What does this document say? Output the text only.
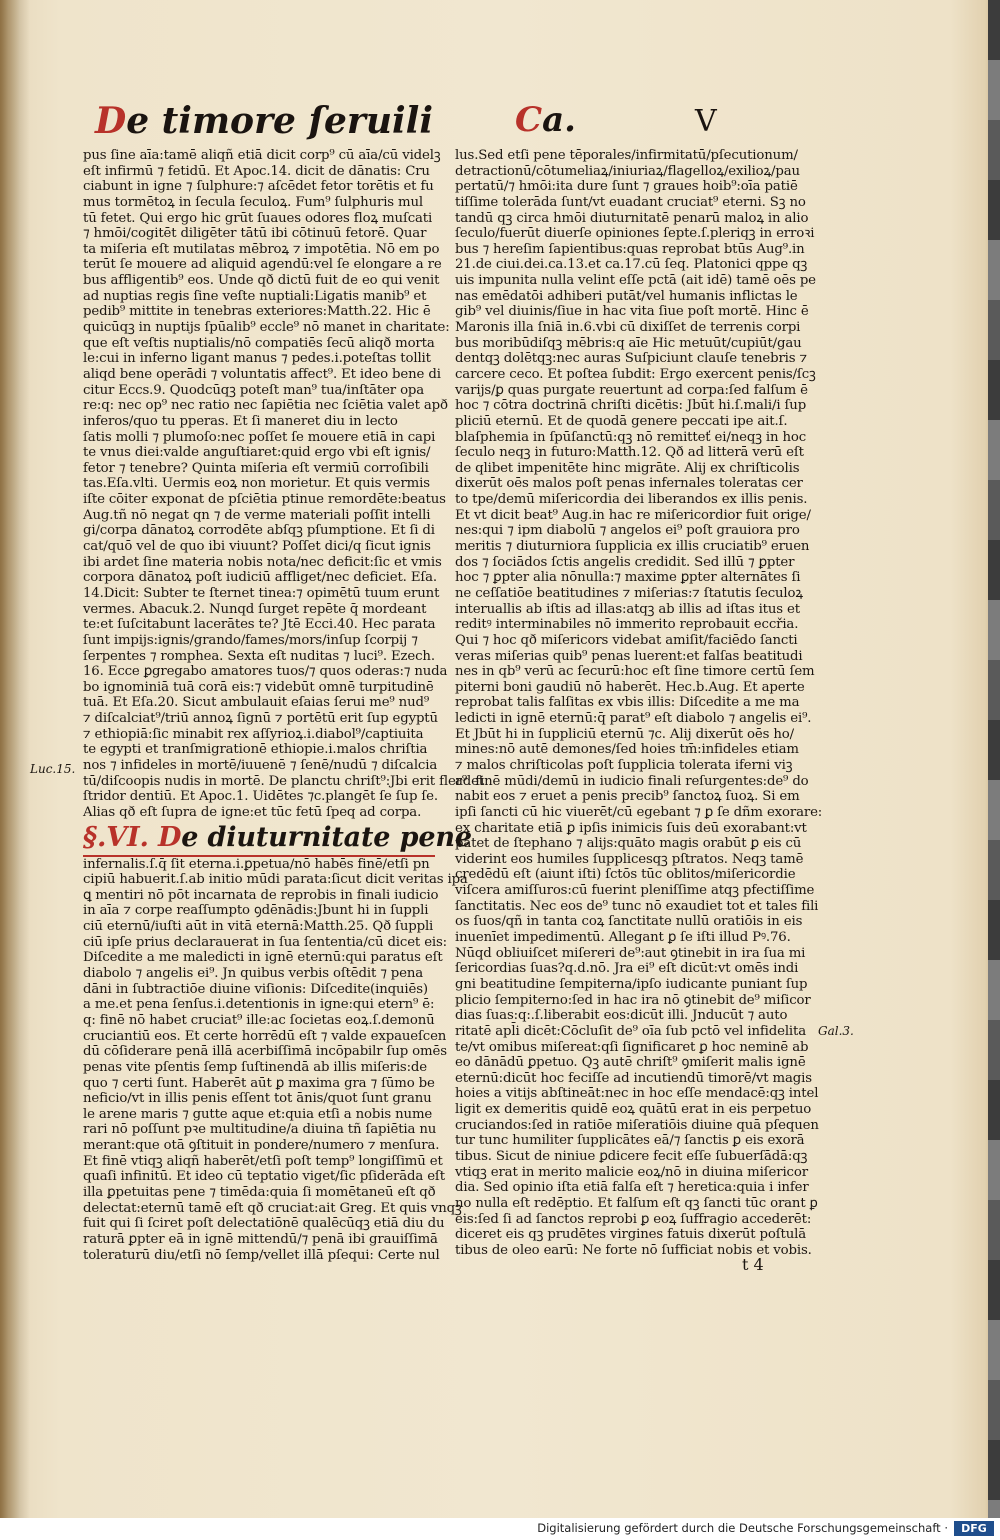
De timore ſeruili Ca.	V
pus ſine aīa:tamē aliqñ etiā dicit corp⁹ cū aīa/cū videlꝫ
eſt infirmū ⁊ fetidū. Et Apoc.14. dicit de dānatis: Cru
ciabunt in igne ⁊ ſulphure:⁊ aſcēdet fetor torētis et fu
mus tormētoꝝ in ſecula ſeculoꝝ. Fum⁹ ſulphuris mul
tū fetet. Qui ergo hic grūt ſuaues odores floꝝ muſcati
⁊ hmōi/cogitēt diligēter tātū ibi cōtinuū fetorē. Quar
ta miſeria eſt mutilatas mēbroꝝ ⁊ impotētia. Nō em po
terūt ſe mouere ad aliquid agendū:vel ſe elongare a re
bus affligentib⁹ eos. Unde qð dictū fuit de eo qui venit
ad nuptias regis ſine veſte nuptiali:Ligatis manib⁹ et
pedib⁹ mittite in tenebras exteriores:Matth.22. Hic ē
quicūqꝫ in nuptijs ſpūalib⁹ eccle⁹ nō manet in charitate:
que eſt veſtis nuptialis/nō compatiēs ſecū aliqð morta
le:cui in inferno ligant manus ⁊ pedes.i.poteſtas tollit
aliqd bene operādi ⁊ voluntatis affect⁹. Et ideo bene di
citur Eccs.9. Quodcūqꝫ poteſt man⁹ tua/inſtāter opa
re:q: nec op⁹ nec ratio nec ſapiētia nec ſciētia valet apð
inferos/quo tu pperas. Et ſi maneret diu in lecto
ſatis molli ⁊ plumoſo:nec poſſet ſe mouere etiā in capi
te vnus diei:valde anguſtiaret:quid ergo vbi eſt ignis/
fetor ⁊ tenebre? Quinta miſeria eſt vermiū corroſibili
tas.Eſa.vlti. Uermis eoꝝ non morietur. Et quis vermis
iſte cōiter exponat de pſciētia ptinue remordēte:beatus
Aug.tñ nō negat qn ⁊ de verme materiali poſſit intelli
gi/corpa dānatoꝝ corrodēte abſqꝫ pſumptione. Et ſi di
cat/quō vel de quo ibi viuunt? Poſſet dici/q ſicut ignis
ibi ardet ſine materia nobis nota/nec deficit:ſic et vmis
corpora dānatoꝝ poſt iudiciū affliget/nec deficiet. Eſa.
14.Dicit: Subter te ſternet tinea:⁊ opimētū tuum erunt
vermes. Abacuk.2. Nunqd ſurget repēte q̄ mordeant
te:et ſuſcitabunt lacerātes te? Jtē Ecci.40. Hec parata
ſunt impijs:ignis/grando/fames/mors/inſup ſcorpij ⁊
ſerpentes ⁊ romphea. Sexta eſt nuditas ⁊ luci⁹. Ezech.
16. Ecce ꝑgregabo amatores tuos/⁊ quos oderas:⁊ nuda
bo ignominiā tuā corā eis:⁊ videbūt omnē turpitudinē
tuā. Et Eſa.20. Sicut ambulauit eſaias ſerui me⁹ nud⁹
⁊ diſcalciat⁹/triū annoꝝ ſignū ⁊ portētū erit ſup egyptū
⁊ ethiopiā:ſic minabit rex aſſyrioꝝ.i.diabol⁹/captiuita
te egypti et tranſmigrationē ethiopie.i.malos chriſtia
nos ⁊ infideles in mortē/iuuenē ⁊ ſenē/nudū ⁊ diſcalcia
tū/diſcoopis nudis in mortē. De planctu chriſt⁹:Jbi erit fler⁹ et
ſtridor dentiū. Et Apoc.1. Uidētes ⁊c.plangēt ſe ſup ſe.
Alias qð eſt ſupra de igne:et tūc fetū ſpeq ad corpa.
§.VI. De diuturnitate pene
infernalis.ſ.q̄ ſit eterna.i.ꝑpetua/nō habēs finē/etſi pn
cipiū habuerit.ſ.ab initio mūdi parata:ſicut dicit veritas ipa
ꝗ mentiri nō pōt incarnata de reprobis in finali iudicio
in aīa ⁊ corpe reaſſumpto ꝯdēnādis:Jbunt hi in ſuppli
ciū eternū/iuſti aūt in vitā eternā:Matth.25. Qð ſuppli
ciū ipſe prius declarauerat in ſua ſententia/cū dicet eis:
Diſcedite a me maledicti in ignē eternū:qui paratus eſt
diabolo ⁊ angelis ei⁹. Jn quibus verbis oſtēdit ⁊ pena
dāni in ſubtractiōe diuine viſionis: Diſcedite(inquiēs)
a me.et pena ſenſus.i.detentionis in igne:qui etern⁹ ē:
q: finē nō habet cruciat⁹ ille:ac ſocietas eoꝝ.ſ.demonū
cruciantiū eos. Et certe horrēdū eſt ⁊ valde expaueſcen
dū cōſiderare penā illā acerbiſſimā incōpabilr ſup omēs
penas vite pſentis ſemp ſuſtinendā ab illis miſeris:de
quo ⁊ certi ſunt. Haberēt aūt ꝑ maxima gra ⁊ ſūmo be
neficio/vt in illis penis eſſent tot ānis/quot ſunt granu
le arene maris ⁊ gutte aque et:quia etſi a nobis nume
rari nō poſſunt pꝛe multitudine/a diuina tñ ſapiētia nu
merant:que otā ꝯſtituit in pondere/numero ⁊ menſura.
Et finē vtiqꝫ aliqñ haberēt/etſi poſt temp⁹ longiſſimū et
quaſi infinitū. Et ideo cū teptatio viget/ſic pſiderāda eſt
illa ꝑpetuitas pene ⁊ timēda:quia ſi momētaneū eſt qð
delectat:eternū tamē eſt qð cruciat:ait Greg. Et quis vnqꝫ
fuit qui ſi ſciret poſt delectatiōnē qualēcūqꝫ etiā diu du
raturā ꝑpter eā in ignē mittendū/⁊ penā ibi grauiſſimā
toleraturū diu/etſi nō ſemp/vellet illā pſequi: Certe nul
lus.Sed etſi pene tēporales/infirmitatū/pſecutionum/
detractionū/cōtumeliaꝝ/iniuriaꝝ/flagelloꝝ/exilioꝝ/pau
pertatū/⁊ hmōi:ita dure ſunt ⁊ graues hoib⁹:oīa patiē
tiſſime tolerāda ſunt/vt euadant cruciat⁹ eterni. Sꝫ no
tandū qꝫ circa hmōi diuturnitatē penarū maloꝝ in alio
ſeculo/fuerūt diuerſe opiniones ſepte.ſ.pleriqꝫ in erroꝛi
bus ⁊ hereſim ſapientibus:quas reprobat btūs Aug⁹.in
21.de ciui.dei.ca.13.et ca.17.cū ſeq. Platonici qppe qꝫ
uis impunita nulla velint eſſe pctā (ait idē) tamē oēs pe
nas emēdatōi adhiberi putāt/vel humanis inflictas le
gib⁹ vel diuinis/ſiue in hac vita ſiue poſt mortē. Hinc ē
Maronis illa ſniā in.6.vbi cū dixiſſet de terrenis corpi
bus moribūdiſqꝫ mēbris:q aīe Hic metuūt/cupiūt/gau
dentqꝫ dolētqꝫ:nec auras Suſpiciunt clauſe tenebris ⁊
carcere ceco. Et poſtea ſubdit: Ergo exercent penis/ſcꝫ
varijs/ꝑ quas purgate reuertunt ad corpa:ſed falſum ē
hoc ⁊ cōtra doctrinā chriſti dicētis: Jbūt hi.ſ.mali/i ſup
pliciū eternū. Et de quodā genere peccati ipe ait.ſ.
blaſphemia in ſpūſanctū:qꝫ nō remitteť ei/neqꝫ in hoc
ſeculo neqꝫ in futuro:Matth.12. Qð ad litterā verū eſt
de qlibet impenitēte hinc migrāte. Alij ex chriſticolis
dixerūt oēs malos poſt penas infernales toleratas cer
to tpe/demū miſericordia dei liberandos ex illis penis.
Et vt dicit beat⁹ Aug.in hac re miſericordior fuit orige/
nes:qui ⁊ ipm diabolū ⁊ angelos ei⁹ poſt grauiora pro
meritis ⁊ diuturniora ſupplicia ex illis cruciatib⁹ eruen
dos ⁊ ſociādos ſctis angelis credidit. Sed illū ⁊ ꝑpter
hoc ⁊ ꝑpter alia nōnulla:⁊ maxime ꝑpter alternātes ſi
ne ceſſatiōe beatitudines ⁊ miſerias:⁊ ſtatutis ſeculoꝝ
interuallis ab iſtis ad illas:atqꝫ ab illis ad iſtas itus et
reditꝰ interminabiles nō immerito reprobauit eccřia.
Qui ⁊ hoc qð miſericors videbat amiſit/faciēdo ſancti
veras miſerias quib⁹ penas luerent:et falſas beatitudi
nes in qb⁹ verū ac ſecurū:hoc eſt ſine timore certū ſem
piterni boni gaudiū nō haberēt. Hec.b.Aug. Et aperte
reprobat talis falſitas ex vbis illis: Diſcedite a me ma
ledicti in ignē eternū:q̄ parat⁹ eſt diabolo ⁊ angelis ei⁹.
Et Jbūt hi in ſuppliciū eternū ⁊c. Alij dixerūt oēs ho/
mines:nō autē demones/ſed hoies tm̄:infideles etiam
⁊ malos chriſticolas poſt ſupplicia tolerata iferni viꝫ
ad finē mūdi/demū in iudicio finali reſurgentes:de⁹ do
nabit eos ⁊ eruet a penis precib⁹ ſanctoꝝ ſuoꝝ. Si em
ipſi ſancti cū hic viuerēt/cū egebant ⁊ ꝑ ſe dñm exorare:
ex charitate etiā ꝑ ipſis inimicis ſuis deū exorabant:vt
patet de ſtephano ⁊ alijs:quāto magis orabūt ꝑ eis cū
viderint eos humiles ſupplicesqꝫ pſtratos. Neqꝫ tamē
credēdū eſt (aiunt iſti) ſctōs tūc oblitos/miſericordie
viſcera amiſſuros:cū fuerint pleniſſime atqꝫ pfectiſſime
ſanctitatis. Nec eos de⁹ tunc nō exaudiet tot et tales fili
os ſuos/qñ in tanta coꝝ ſanctitate nullū oratiōis in eis
inuenīet impedimentū. Allegant ꝑ ſe iſti illud Pꝰ.76.
Nūqd obliuiſcet miſereri de⁹:aut ꝯtinebit in ira ſua mi
ſericordias ſuas?q.d.nō. Jra ei⁹ eſt dicūt:vt omēs indi
gni beatitudine ſempiterna/ipſo iudicante puniant ſup
plicio ſempiterno:ſed in hac ira nō ꝯtinebit de⁹ miſicor
dias ſuas:q:.ſ.liberabit eos:dicūt illi. Jnducūt ⁊ auto
ritatē apl̄i dicēt:Cōcluſit de⁹ oīa ſub pctō vel infidelita
te/vt omibus miſereat:qſi ſignificaret ꝑ hoc neminē ab
eo dānādū ꝑpetuo. Qꝫ autē chriſt⁹ ꝯmiſerit malis ignē
eternū:dicūt hoc feciſſe ad incutiendū timorē/vt magis
hoies a vitijs abſtineāt:nec in hoc eſſe mendacē:qꝫ intel
ligit ex demeritis quidē eoꝝ quātū erat in eis perpetuo
cruciandos:ſed in ratiōe miſeratiōis diuine quā pſequen
tur tunc humiliter ſupplicātes eā/⁊ ſanctis ꝑ eis exorā
tibus. Sicut de niniue ꝑdicere fecit eſſe ſubuerſādā:qꝫ
vtiqꝫ erat in merito malicie eoꝝ/nō in diuina miſericor
dia. Sed opinio iſta etiā falſa eſt ⁊ heretica:quia i infer
no nulla eſt redēptio. Et falſum eſt qꝫ ſancti tūc orant ꝑ
eis:ſed ſi ad ſanctos reprobi ꝑ eoꝝ ſuffragio accederēt:
diceret eis qꝫ prudētes virgines fatuis dixerūt poſtulā
tibus de oleo earū: Ne forte nō ſufficiat nobis et vobis.
Luc.15.
Gal.3.
t 4
Digitalisierung gefördert durch die Deutsche Forschungsgemeinschaft ·	DFG
